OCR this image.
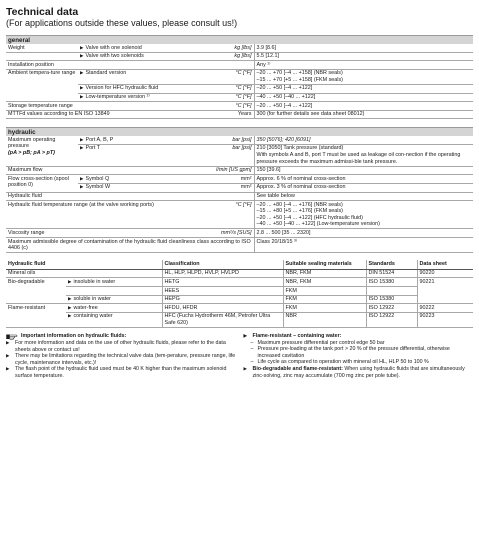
Technical data
(For applications outside these values, please consult us!)
general
Weight	▶ Valve with one solenoid	kg [lbs]	3.9 [8.6]
	▶ Valve with two solenoids	kg [lbs]	5.5 [12.1]
Installation position			Any ¹⁾
Ambient tempera-ture range	▶ Standard version	°C [°F]	–20 ... +70 [–4 ... +158] (NBR seals)
–15 ... +70 [+5 ... +158] (FKM seals)

	▶ Version for HFC hydraulic fluid	°C [°F]	–20 ... +50 [–4 ... +122]
	▶ Low-temperature version ²⁾	°C [°F]	–40 ... +50 [–40 ... +122]
Storage temperature range		°C [°F]	–20 ... +50 [–4 ... +122]
MTTFd values according to EN ISO 13849		Years	300 (for further details see data sheet 08012)
hydraulic
Maximum operating pressure
(pA > pB; pA > pT)	▶ Port A, B, P	bar [psi]	350 [5076]; 420 [6091]
	▶ Port T	bar [psi]	210 [3050] Tank pressure (standard)
With symbols A and B, port T must be used as leakage oil con-nection if the operating pressure exceeds the maximum admissi-ble tank pressure.

Maximum flow		l/min [US gpm]	150 [39.6]
Flow cross-section (spool position 0)	▶ Symbol Q	mm²	Approx. 6 % of nominal cross-section
	▶ Symbol W	mm²	Approx. 3 % of nominal cross-section
Hydraulic fluid			See table below
Hydraulic fluid temperature range (at the valve working ports)		°C [°F]	–20 ... +80 [–4 ... +176] (NBR seals)
–15 ... +80 [+5 ... +176] (FKM seals)
–20 ... +50 [–4 ... +122] (HFC hydraulic fluid)
–40 ... +50 [–40 ... +122] (Low-temperature version)

Viscosity range		mm²/s [SUS]	2.8 ... 500 [35 ... 2320]
Maximum admissible degree of contamination of the hydraulic fluid cleanliness class according to ISO 4406 (c)			Class 20/18/15 ³⁾
Hydraulic fluid		Classification	Suitable sealing materials	Standards	Data sheet
Mineral oils		HL, HLP, HLPD, HVLP, HVLPD	NBR, FKM	DIN 51524	90220
Bio-degradable	▶ insoluble in water	HETG	NBR, FKM	ISO 15380	90221
		HEES	FKM		
	▶ soluble in water	HEPG	FKM	ISO 15380	
Flame-resistant	▶ water-free	HFDU, HFDR	FKM	ISO 12922	90222
	▶ containing water	HFC (Fuchs Hydrotherm 46M, Petrofer Ultra Safe 620)	NBR	ISO 12922	90223
Important information on hydraulic fluids:
▶	For more information and data on the use of other hydraulic fluids, please refer to the data sheets above or contact us!
▶	There may be limitations regarding the technical valve data (tem-perature, pressure range, life cycle, maintenance intervals, etc.)!
▶	The flash point of the hydraulic fluid used must be 40 K higher than the maximum solenoid surface temperature.
▶	Flame-resistant – containing water:
– Maximum pressure differential per control edge 50 bar
– Pressure pre-loading at the tank port > 20 % of the pressure differential, otherwise increased cavitation
– Life cycle as compared to operation with mineral oil HL, HLP 50 to 100 %
▶	Bio-degradable and flame-resistant: When using hydraulic fluids that are simultaneously zinc-solving, zinc may accumulate (700 mg zinc per pole tube).
